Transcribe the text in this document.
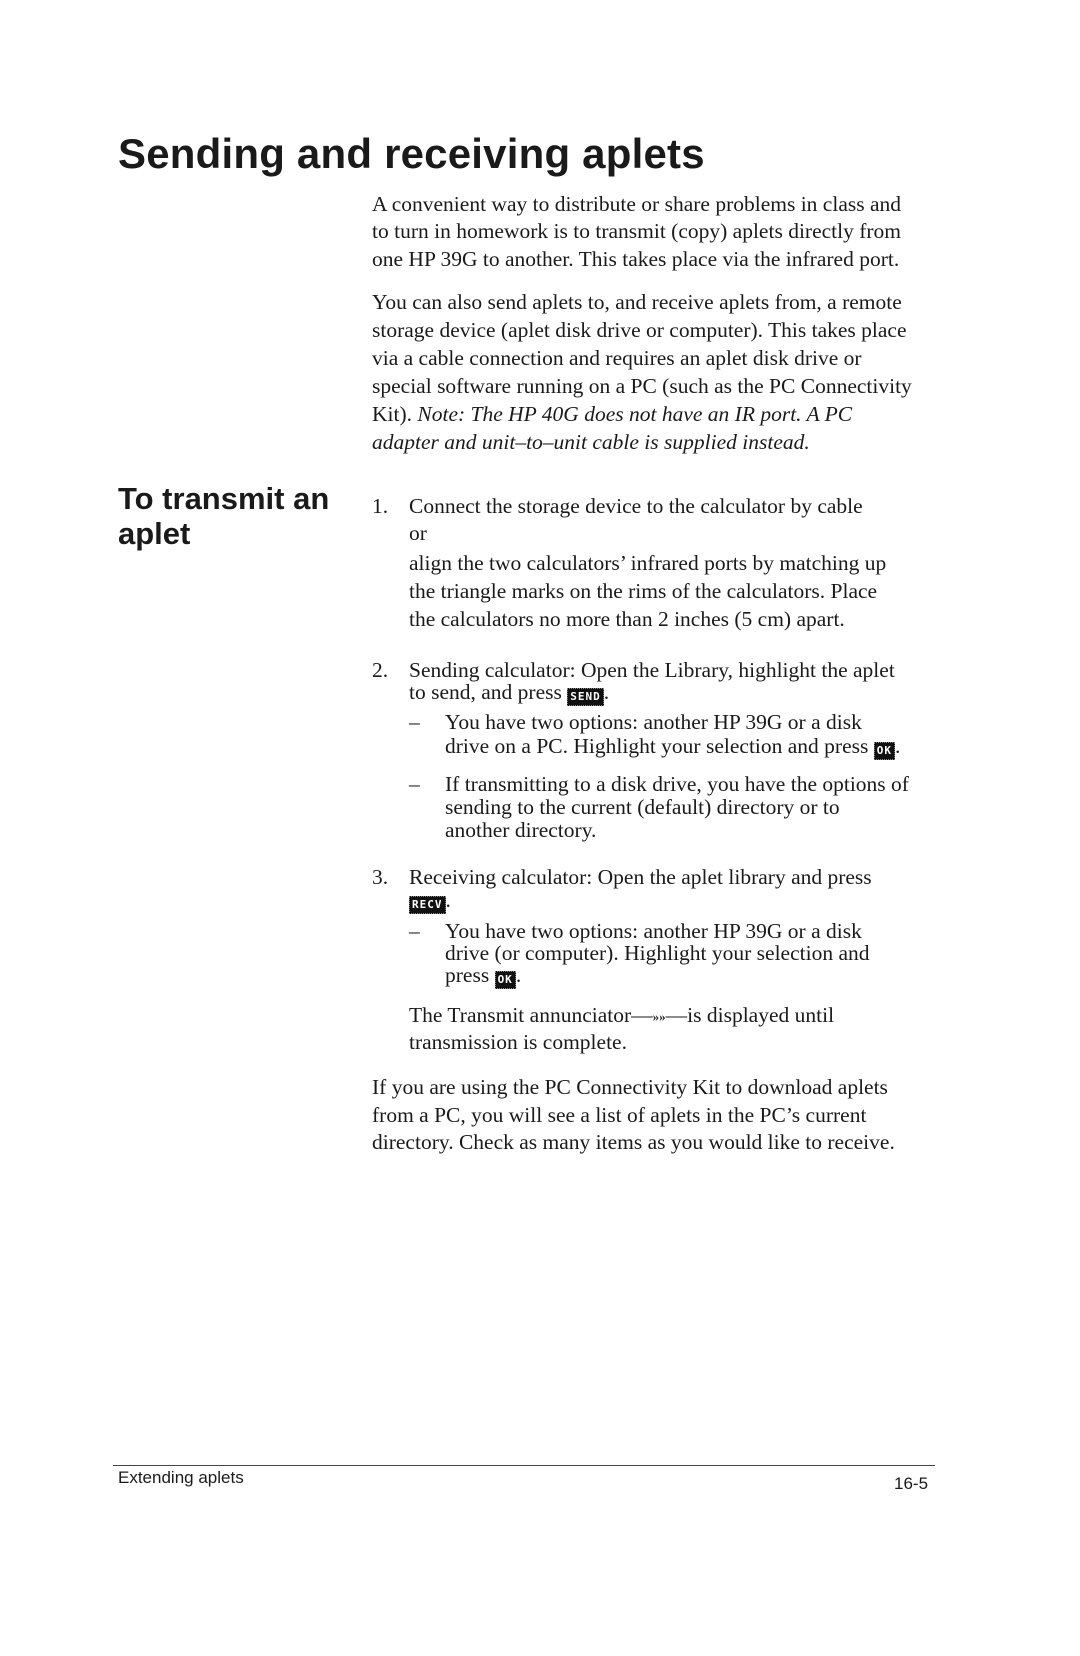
Sending and receiving aplets
A convenient way to distribute or share problems in class and
to turn in homework is to transmit (copy) aplets directly from
one HP 39G to another. This takes place via the infrared port.
You can also send aplets to, and receive aplets from, a remote
storage device (aplet disk drive or computer). This takes place
via a cable connection and requires an aplet disk drive or
special software running on a PC (such as the PC Connectivity
Kit). Note: The HP 40G does not have an IR port. A PC
adapter and unit–to–unit cable is supplied instead.
To transmit an
aplet
1. Connect the storage device to the calculator by cable
or
align the two calculators’ infrared ports by matching up
the triangle marks on the rims of the calculators. Place
the calculators no more than 2 inches (5 cm) apart.
2. Sending calculator: Open the Library, highlight the aplet
to send, and press SEND .
– You have two options: another HP 39G or a disk
drive on a PC. Highlight your selection and press OK .
– If transmitting to a disk drive, you have the options of
sending to the current (default) directory or to
another directory.
3. Receiving calculator: Open the aplet library and press
RECV .
– You have two options: another HP 39G or a disk
drive (or computer). Highlight your selection and
press OK .
The Transmit annunciator—»»—is displayed until
transmission is complete.
If you are using the PC Connectivity Kit to download aplets
from a PC, you will see a list of aplets in the PC’s current
directory. Check as many items as you would like to receive.
Extending aplets	16-5
